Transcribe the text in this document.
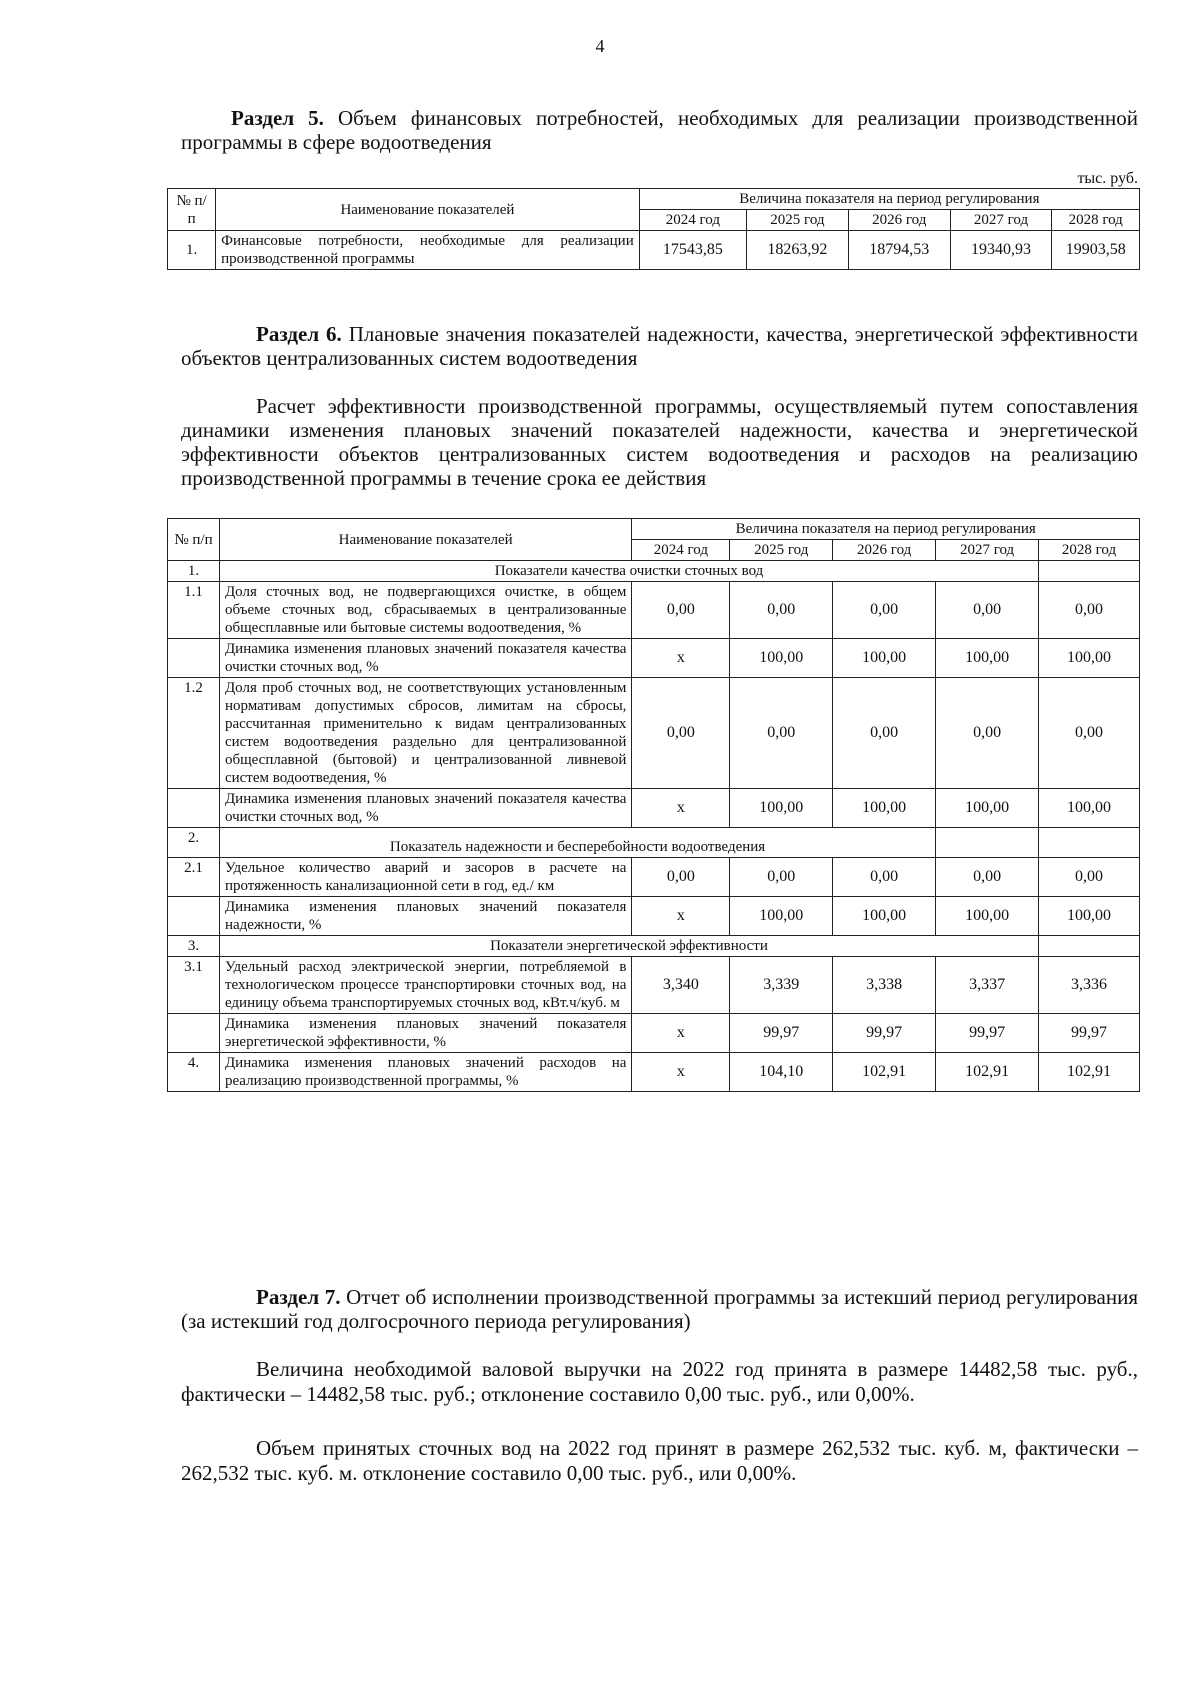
4
Раздел 5. Объем финансовых потребностей, необходимых для реализации производственной программы в сфере водоотведения
тыс. руб.
№ п/п	Наименование показателей	Величина показателя на период регулирования				
		2024 год	2025 год	2026 год	2027 год	2028 год
1.	Финансовые потребности, необходимые для реализации производственной программы	17543,85	18263,92	18794,53	19340,93	19903,58
Раздел 6. Плановые значения показателей надежности, качества, энергетической эффективности объектов централизованных систем водоотведения
Расчет эффективности производственной программы, осуществляемый путем сопоставления динамики изменения плановых значений показателей надежности, качества и энергетической эффективности объектов централизованных систем водоотведения и расходов на реализацию производственной программы в течение срока ее действия
№ п/п	Наименование показателей	Величина показателя на период регулирования				
		2024 год	2025 год	2026 год	2027 год	2028 год
1.	Показатели качества очистки сточных вод					
1.1	Доля сточных вод, не подвергающихся очистке, в общем объеме сточных вод, сбрасываемых в централизованные общесплавные или бытовые системы водоотведения, %	0,00	0,00	0,00	0,00	0,00
	Динамика изменения плановых значений показателя качества очистки сточных вод, %	x	100,00	100,00	100,00	100,00
1.2	Доля проб сточных вод, не соответствующих установленным нормативам допустимых сбросов, лимитам на сбросы, рассчитанная применительно к видам централизованных систем водоотведения раздельно для централизованной общесплавной (бытовой) и централизованной ливневой систем водоотведения, %	0,00	0,00	0,00	0,00	0,00
	Динамика изменения плановых значений показателя качества очистки сточных вод, %	x	100,00	100,00	100,00	100,00
2.	Показатель надежности и бесперебойности водоотведения					
2.1	Удельное количество аварий и засоров в расчете на протяженность канализационной сети в год, ед./ км	0,00	0,00	0,00	0,00	0,00
	Динамика изменения плановых значений показателя надежности, %	x	100,00	100,00	100,00	100,00
3.	Показатели энергетической эффективности					
3.1	Удельный расход электрической энергии, потребляемой в технологическом процессе транспортировки сточных вод, на единицу объема транспортируемых сточных вод, кВт.ч/куб. м	3,340	3,339	3,338	3,337	3,336
	Динамика изменения плановых значений показателя энергетической эффективности, %	x	99,97	99,97	99,97	99,97
4.	Динамика изменения плановых значений расходов на реализацию производственной программы, %	x	104,10	102,91	102,91	102,91
Раздел 7. Отчет об исполнении производственной программы за истекший период регулирования (за истекший год долгосрочного периода регулирования)
Величина необходимой валовой выручки на 2022 год принята в размере 14482,58 тыс. руб., фактически – 14482,58 тыс. руб.; отклонение составило 0,00 тыс. руб., или 0,00%.
Объем принятых сточных вод на 2022 год принят в размере 262,532 тыс. куб. м, фактически – 262,532 тыс. куб. м. отклонение составило 0,00 тыс. руб., или 0,00%.
